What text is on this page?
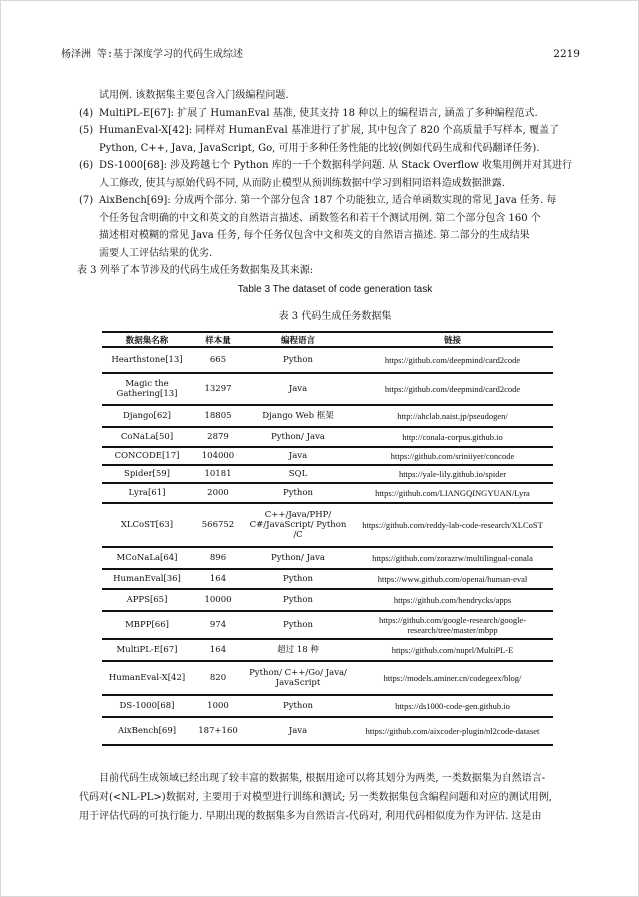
杨泽洲 等:基于深度学习的代码生成综述	2219
试用例. 该数据集主要包含入门级编程问题.
(4) MultiPL-E[67]: 扩展了 HumanEval 基准, 使其支持 18 种以上的编程语言, 涵盖了多种编程范式.
(5) HumanEval-X[42]: 同样对 HumanEval 基准进行了扩展, 其中包含了 820 个高质量手写样本, 覆盖了
Python, C++, Java, JavaScript, Go, 可用于多种任务性能的比较(例如代码生成和代码翻译任务).
(6) DS-1000[68]: 涉及跨越七个 Python 库的一千个数据科学问题. 从 Stack Overflow 收集用例并对其进行
人工修改, 使其与原始代码不同, 从而防止模型从预训练数据中学习到相同语料造成数据泄露.
(7) AixBench[69]: 分成两个部分. 第一个部分包含 187 个功能独立, 适合单函数实现的常见 Java 任务. 每
个任务包含明确的中文和英文的自然语言描述、函数签名和若干个测试用例. 第二个部分包含 160 个
描述相对模糊的常见 Java 任务, 每个任务仅包含中文和英文的自然语言描述. 第二部分的生成结果
需要人工评估结果的优劣.
表 3 列举了本节涉及的代码生成任务数据集及其来源:
Table 3 The dataset of code generation task
表 3 代码生成任务数据集
数据集名称	样本量	编程语言	链接
Hearthstone[13]	665	Python	https://github.com/deepmind/card2code
Magic the Gathering[13]	13297	Java	https://github.com/deepmind/card2code
Django[62]	18805	Django Web 框架	http://ahclab.naist.jp/pseudogen/
CoNaLa[50]	2879	Python/ Java	http://conala-corpus.github.io
CONCODE[17]	104000	Java	https://github.com/sriniiyer/concode
Spider[59]	10181	SQL	https://yale-lily.github.io/spider
Lyra[61]	2000	Python	https://github.com/LIANGQINGYUAN/Lyra
XLCoST[63]	566752	C++/Java/PHP/ C#/JavaScript/ Python /C	https://github.com/reddy-lab-code-research/XLCoST
MCoNaLa[64]	896	Python/ Java	https://github.com/zorazrw/multilingual-conala
HumanEval[36]	164	Python	https://www.github.com/openai/human-eval
APPS[65]	10000	Python	https://github.com/hendrycks/apps
MBPP[66]	974	Python	https://github.com/google-research/google-research/tree/master/mbpp
MultiPL-E[67]	164	超过 18 种	https://github.com/nuprl/MultiPL-E
HumanEval-X[42]	820	Python/ C++/Go/ Java/ JavaScript	https://models.aminer.cn/codegeex/blog/
DS-1000[68]	1000	Python	https://ds1000-code-gen.github.io
AixBench[69]	187+160	Java	https://github.com/aixcoder-plugin/nl2code-dataset
目前代码生成领域已经出现了较丰富的数据集, 根据用途可以将其划分为两类, 一类数据集为自然语言-
代码对(<NL-PL>)数据对, 主要用于对模型进行训练和测试; 另一类数据集包含编程问题和对应的测试用例,
用于评估代码的可执行能力. 早期出现的数据集多为自然语言-代码对, 利用代码相似度为作为评估. 这是由
